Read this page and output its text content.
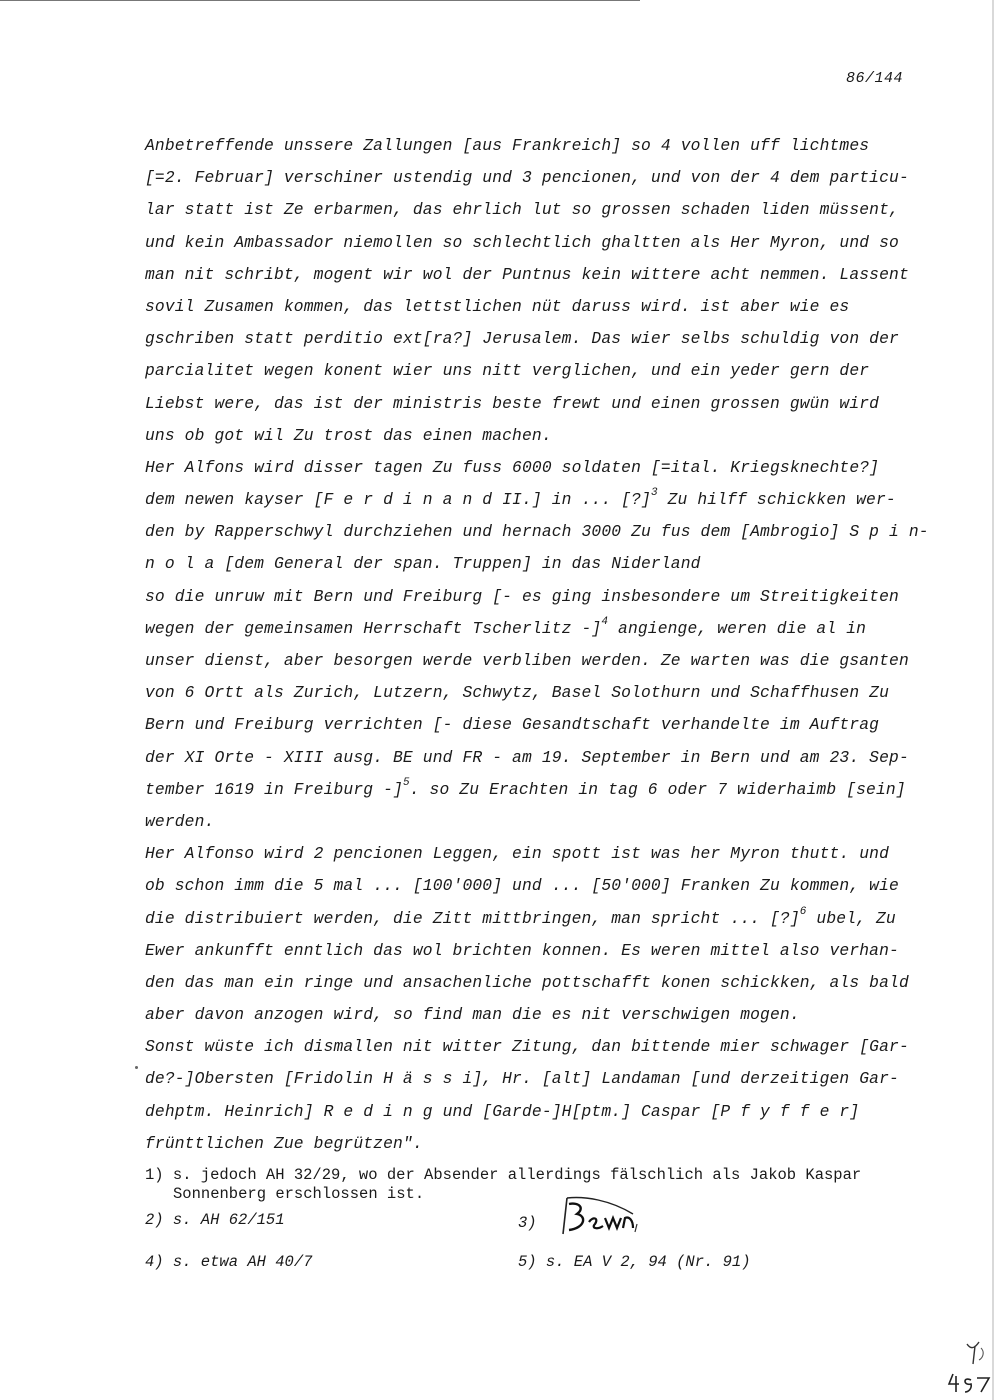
86/144
Anbetreffende unssere Zallungen [aus Frankreich] so 4 vollen uff lichtmes
[=2. Februar] verschiner ustendig und 3 pencionen, und von der 4 dem particu-
lar statt ist Ze erbarmen, das ehrlich lut so grossen schaden liden müssent,
und kein Ambassador niemollen so schlechtlich ghaltten als Her Myron, und so
man nit schribt, mogent wir wol der Puntnus kein wittere acht nemmen. Lassent
sovil Zusamen kommen, das lettstlichen nüt daruss wird. ist aber wie es
gschriben statt perditio ext[ra?] Jerusalem. Das wier selbs schuldig von der
parcialitet wegen konent wier uns nitt verglichen, und ein yeder gern der
Liebst were, das ist der ministris beste frewt und einen grossen gwün wird
uns ob got wil Zu trost das einen machen.
Her Alfons wird disser tagen Zu fuss 6000 soldaten [=ital. Kriegsknechte?]
dem newen kayser [F e r d i n a n d II.] in ... [?]$^3$ Zu hilff schickken wer-
den by Rapperschwyl durchziehen und hernach 3000 Zu fus dem [Ambrogio] S p i n-
n o l a [dem General der span. Truppen] in das Niderland
so die unruw mit Bern und Freiburg [- es ging insbesondere um Streitigkeiten
wegen der gemeinsamen Herrschaft Tscherlitz -]$^4$ angienge, weren die al in
unser dienst, aber besorgen werde verbliben werden. Ze warten was die gsanten
von 6 Ortt als Zurich, Lutzern, Schwytz, Basel Solothurn und Schaffhusen Zu
Bern und Freiburg verrichten [- diese Gesandtschaft verhandelte im Auftrag
der XI Orte - XIII ausg. BE und FR - am 19. September in Bern und am 23. Sep-
tember 1619 in Freiburg -]$^5$. so Zu Erachten in tag 6 oder 7 widerhaimb [sein]
werden.
Her Alfonso wird 2 pencionen Leggen, ein spott ist was her Myron thutt. und
ob schon imm die 5 mal ... [100'000] und ... [50'000] Franken Zu kommen, wie
die distribuiert werden, die Zitt mittbringen, man spricht ... [?]$^6$ ubel, Zu
Ewer ankunfft enntlich das wol brichten konnen. Es weren mittel also verhan-
den das man ein ringe und ansachenliche pottschafft konen schickken, als bald
aber davon anzogen wird, so find man die es nit verschwigen mogen.
Sonst wüste ich dismallen nit witter Zitung, dan bittende mier schwager [Gar-
de?-]Obersten [Fridolin H ä s s i], Hr. [alt] Landaman [und derzeitigen Gar-
dehptm. Heinrich] R e d i n g und [Garde-]H[ptm.] Caspar [P f y f f e r]
frünttlichen Zue begrützen".
1) s. jedoch AH 32/29, wo der Absender allerdings fälschlich als Jakob Kaspar
Sonnenberg erschlossen ist.
2) s. AH 62/151	3)
4) s. etwa AH 40/7	5) s. EA V 2, 94 (Nr. 91)
